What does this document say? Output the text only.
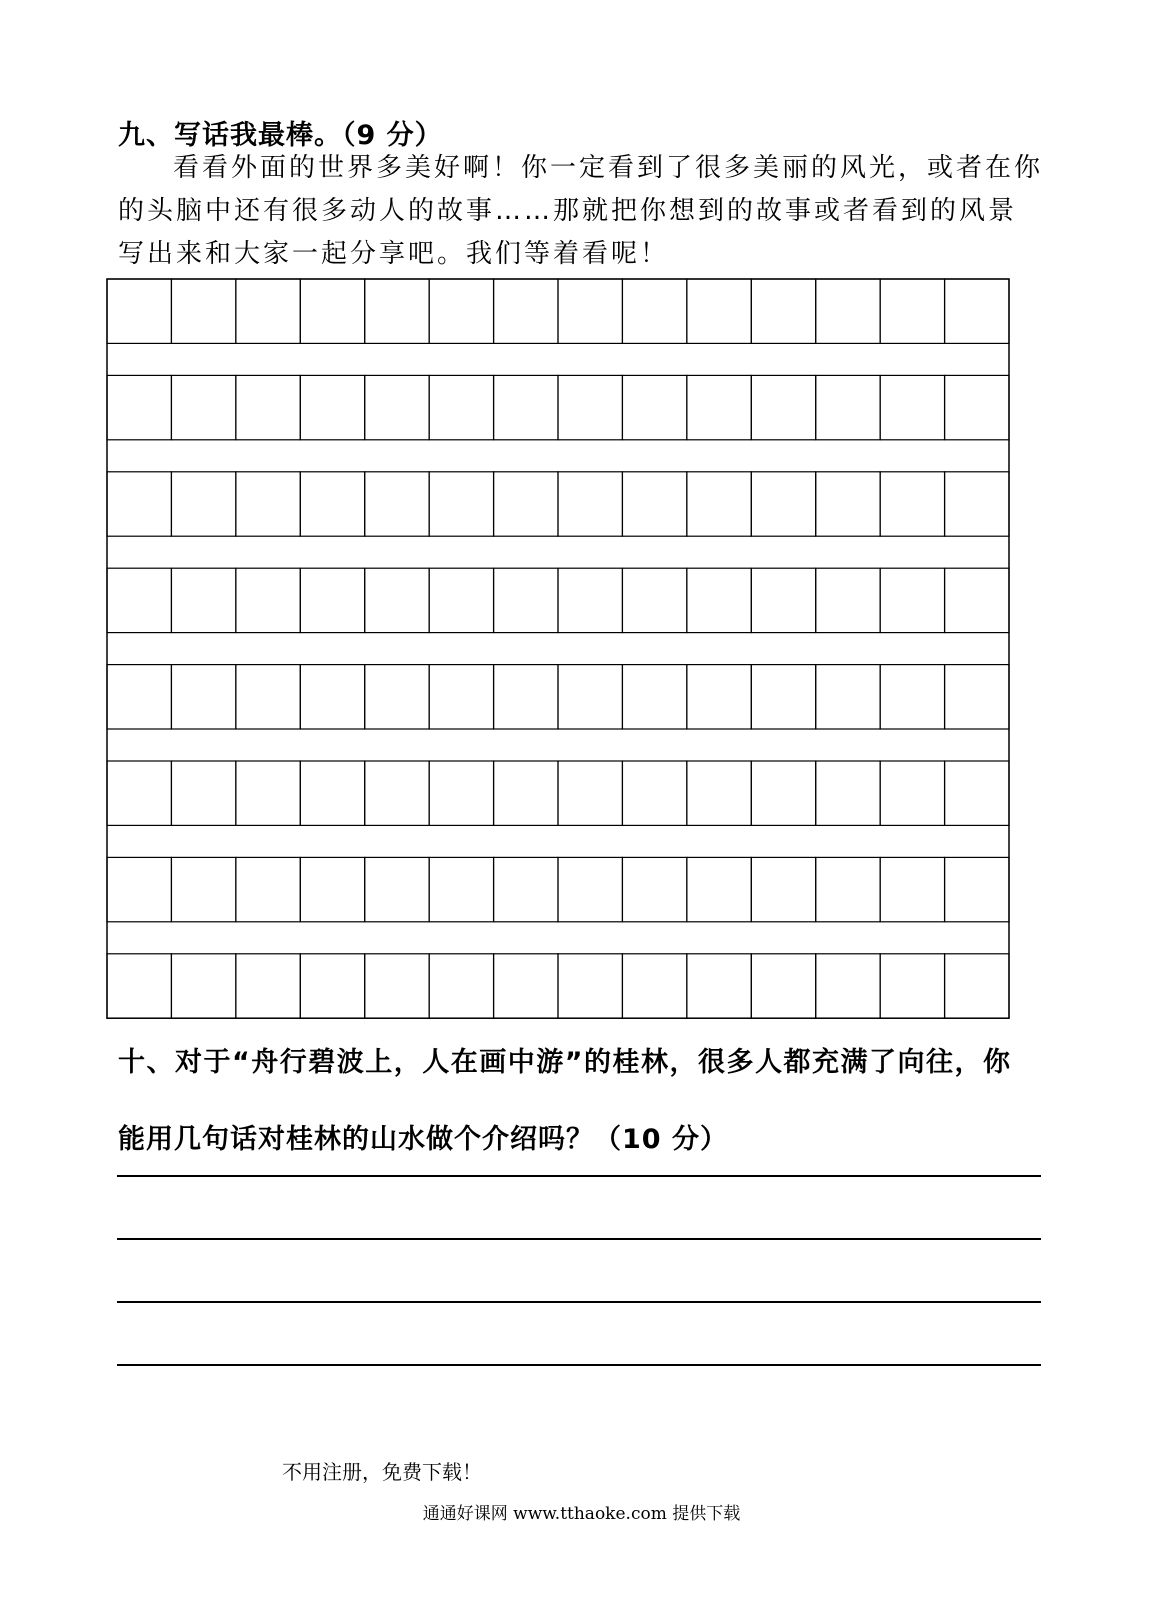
九、写话我最棒。（9 分）
看看外面的世界多美好啊！你一定看到了很多美丽的风光，或者在你的头脑中还有很多动人的故事……那就把你想到的故事或者看到的风景写出来和大家一起分享吧。我们等着看呢！
十、对于“舟行碧波上，人在画中游”的桂林，很多人都充满了向往，你
能用几句话对桂林的山水做个介绍吗？（10 分）
不用注册，免费下载！
通通好课网 www.tthaoke.com 提供下载
